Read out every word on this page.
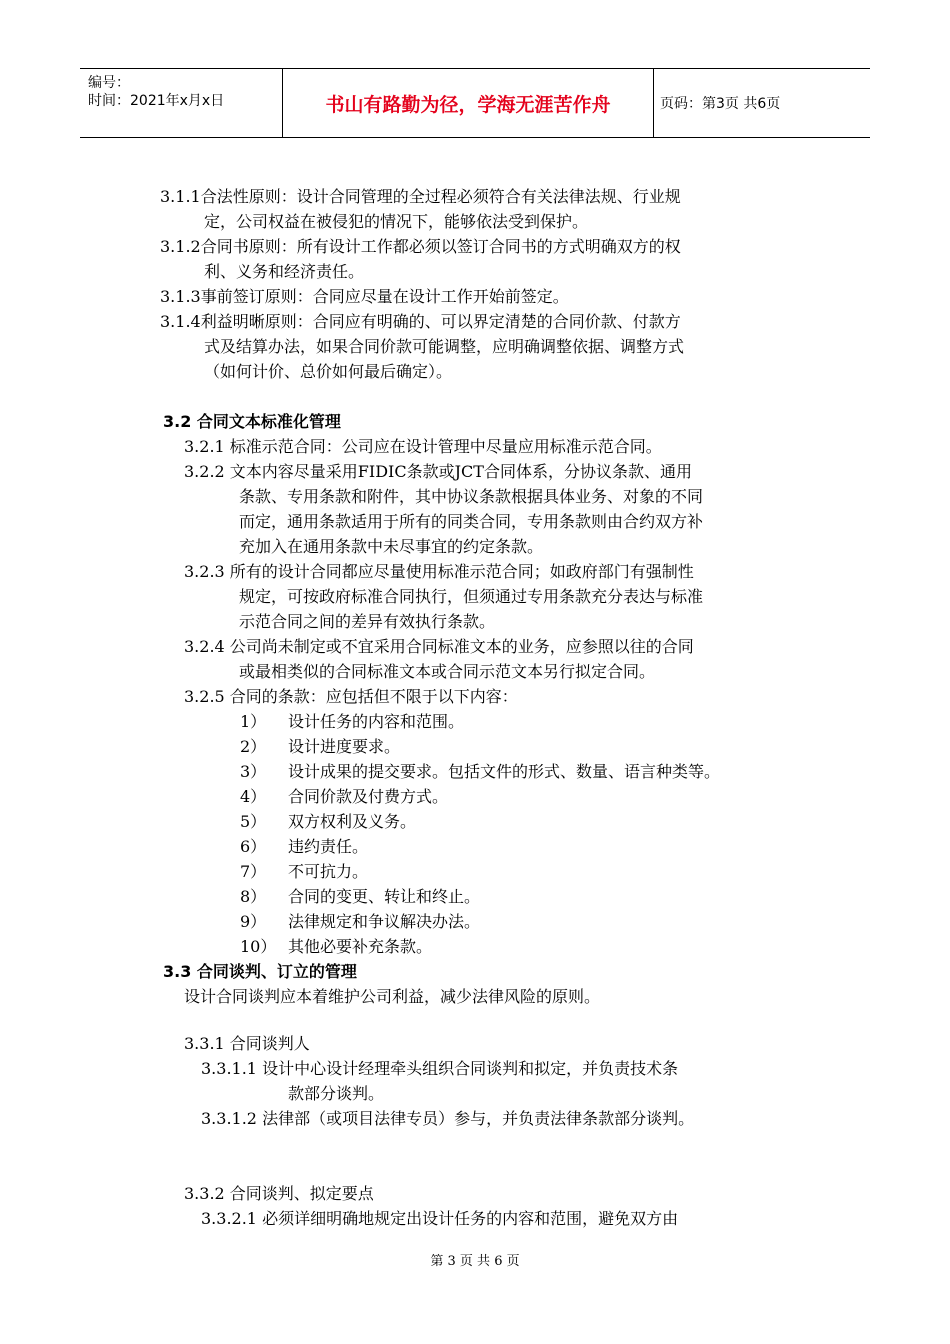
编号：
时间：2021年x月x日	书山有路勤为径，学海无涯苦作舟	页码：第3页 共6页
3.1.1合法性原则：设计合同管理的全过程必须符合有关法律法规、行业规
定，公司权益在被侵犯的情况下，能够依法受到保护。
3.1.2合同书原则：所有设计工作都必须以签订合同书的方式明确双方的权
利、义务和经济责任。
3.1.3事前签订原则：合同应尽量在设计工作开始前签定。
3.1.4利益明晰原则：合同应有明确的、可以界定清楚的合同价款、付款方
式及结算办法，如果合同价款可能调整，应明确调整依据、调整方式
（如何计价、总价如何最后确定）。
3.2 合同文本标准化管理
3.2.1 标准示范合同：公司应在设计管理中尽量应用标准示范合同。
3.2.2 文本内容尽量采用FIDIC条款或JCT合同体系，分协议条款、通用
条款、专用条款和附件，其中协议条款根据具体业务、对象的不同
而定，通用条款适用于所有的同类合同，专用条款则由合约双方补
充加入在通用条款中未尽事宜的约定条款。
3.2.3 所有的设计合同都应尽量使用标准示范合同；如政府部门有强制性
规定，可按政府标准合同执行，但须通过专用条款充分表达与标准
示范合同之间的差异有效执行条款。
3.2.4 公司尚未制定或不宜采用合同标准文本的业务，应参照以往的合同
或最相类似的合同标准文本或合同示范文本另行拟定合同。
3.2.5 合同的条款：应包括但不限于以下内容：
1） 设计任务的内容和范围。
2） 设计进度要求。
3） 设计成果的提交要求。包括文件的形式、数量、语言种类等。
4） 合同价款及付费方式。
5） 双方权利及义务。
6） 违约责任。
7） 不可抗力。
8） 合同的变更、转让和终止。
9） 法律规定和争议解决办法。
10） 其他必要补充条款。
3.3 合同谈判、订立的管理
设计合同谈判应本着维护公司利益，减少法律风险的原则。
3.3.1 合同谈判人
3.3.1.1 设计中心设计经理牵头组织合同谈判和拟定，并负责技术条
款部分谈判。
3.3.1.2 法律部（或项目法律专员）参与，并负责法律条款部分谈判。
3.3.2 合同谈判、拟定要点
3.3.2.1 必须详细明确地规定出设计任务的内容和范围，避免双方由
第 3 页 共 6 页
